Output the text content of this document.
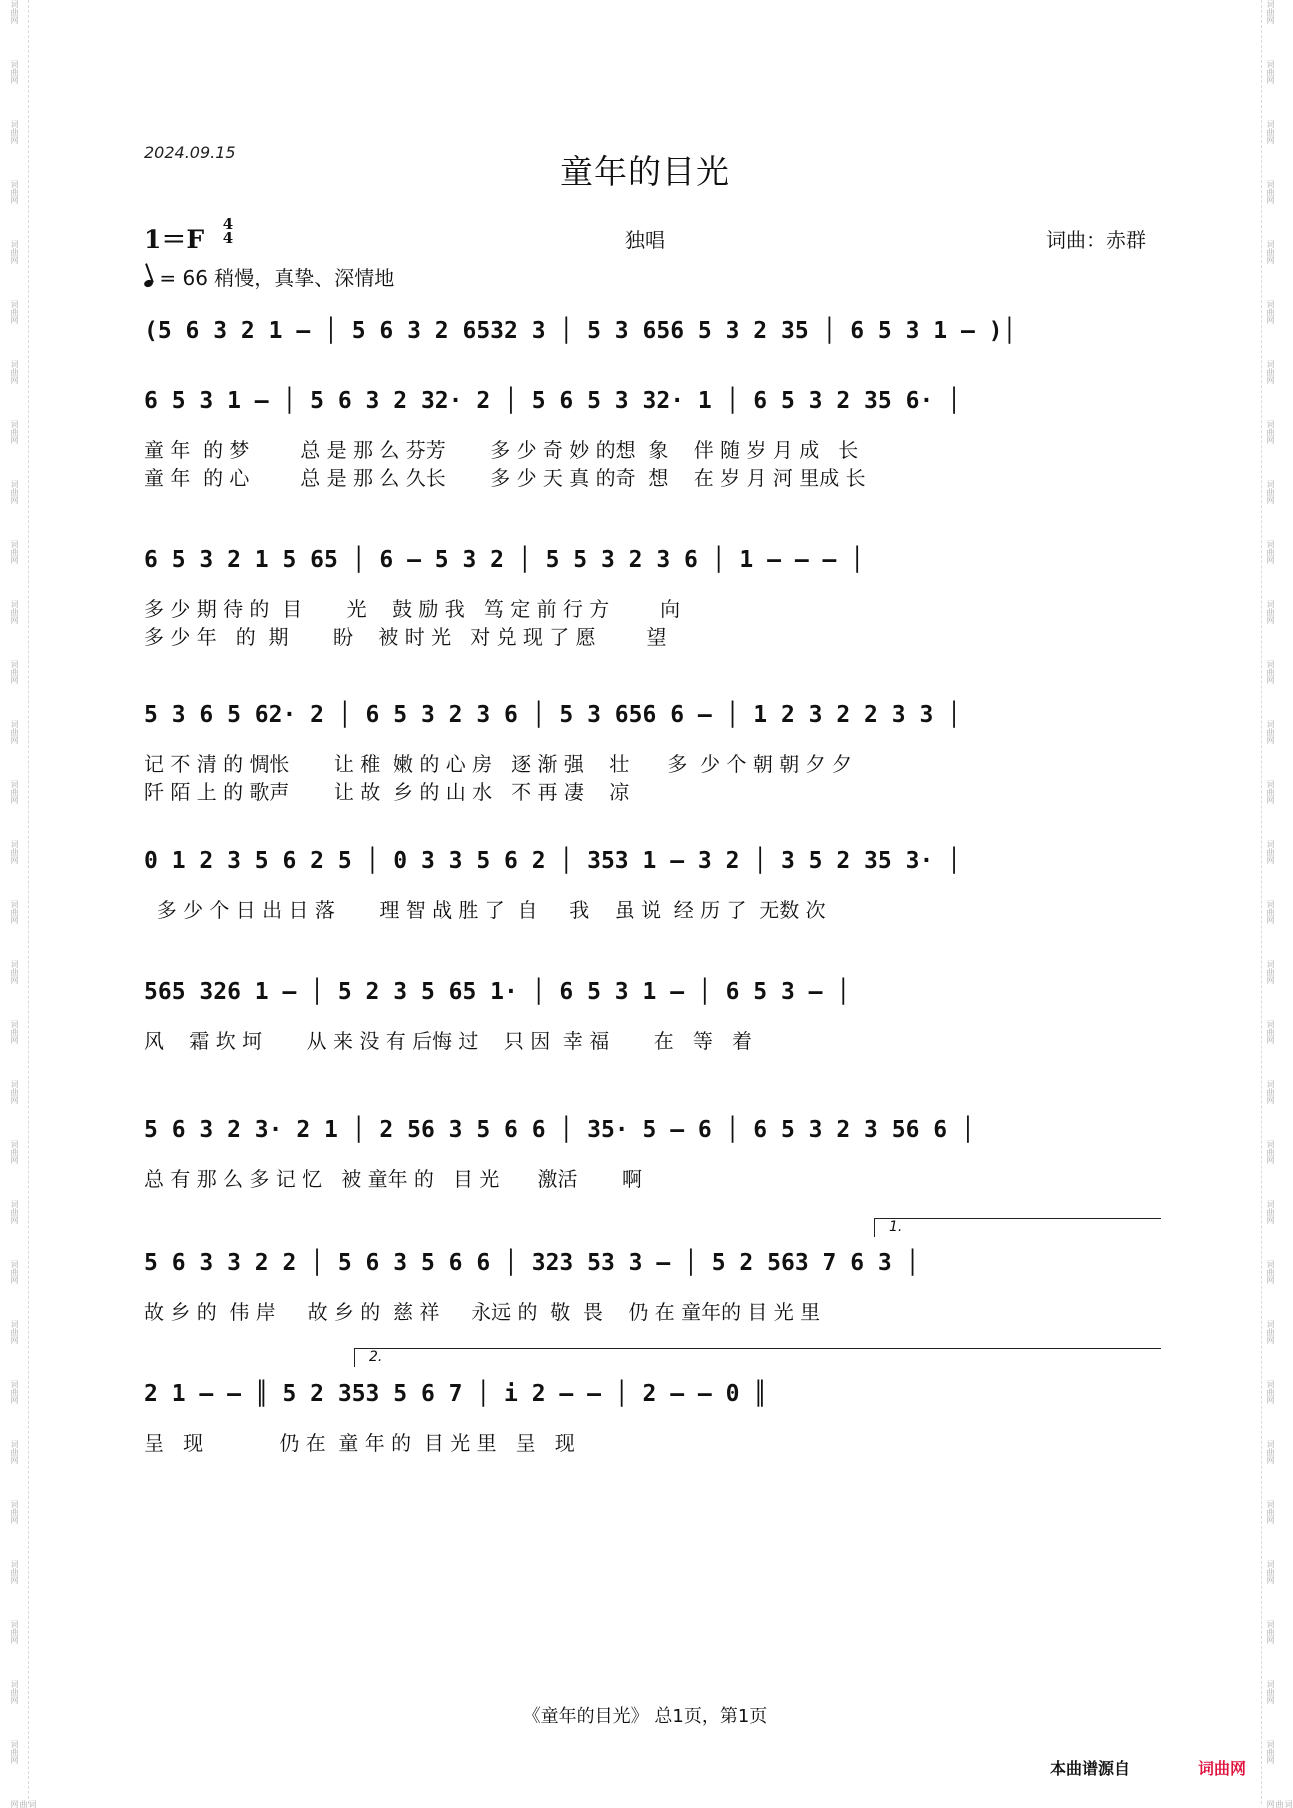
词曲网
词曲网
词曲网
词曲网
词曲网
词曲网
词曲网
词曲网
词曲网
词曲网
词曲网
词曲网
词曲网
词曲网
词曲网
词曲网
词曲网
词曲网
词曲网
词曲网
词曲网
词曲网
词曲网
词曲网
词曲网
词曲网
词曲网
词曲网
词曲网
词曲网
词曲网
词曲网
词曲网
词曲网
词曲网
词曲网
词曲网
词曲网
词曲网
词曲网
词曲网
词曲网
词曲网
词曲网
词曲网
词曲网
词曲网
词曲网
词曲网
词曲网
词曲网
词曲网
词曲网
词曲网
词曲网
词曲网
词曲网
词曲网
词曲网
词曲网
词曲网
词曲网
2024.09.15	童年的目光
1＝F
4
4	独唱	词曲：赤群
= 66 稍慢，真挚、深情地
(5 6 3 2 1 – │ 5 6 3 2 6532 3 │ 5 3 656 5 3 2 35 │ 6 5 3 1 – )│
6 5 3 1 – │ 5 6 3 2 32· 2 │ 5 6 5 3 32· 1 │ 6 5 3 2 35 6· │
童 年  的 梦        总 是 那 么 芬芳       多 少 奇 妙 的想  象    伴 随 岁 月 成   长
童 年  的 心        总 是 那 么 久长       多 少 天 真 的奇  想    在 岁 月 河 里成 长
6 5 3 2 1 5 65 │ 6 – 5 3 2 │ 5 5 3 2 3 6 │ 1 – – – │
多 少 期 待 的  目       光    鼓 励 我   笃 定 前 行 方        向
多 少 年   的  期       盼    被 时 光   对 兑 现 了 愿        望
5 3 6 5 62· 2 │ 6 5 3 2 3 6 │ 5 3 656 6 – │ 1 2 3 2 2 3 3 │
记 不 清 的 惆怅       让 稚  嫩 的 心 房   逐 渐 强    壮      多  少 个 朝 朝 夕 夕
阡 陌 上 的 歌声       让 故  乡 的 山 水   不 再 凄    凉
0 1 2 3 5 6 2 5 │ 0 3 3 5 6 2 │ 353 1 – 3 2 │ 3 5 2 35 3· │
多 少 个 日 出 日 落       理 智 战 胜 了  自     我    虽 说  经 历 了  无数 次
565 326 1 – │ 5 2 3 5 65 1· │ 6 5 3 1 – │ 6 5 3 – │
风    霜 坎 坷       从 来 没 有 后悔 过    只 因  幸 福       在   等   着
5 6 3 2 3· 2 1 │ 2 56 3 5 6 6 │ 35· 5 – 6 │ 6 5 3 2 3 56 6 │
总 有 那 么 多 记 忆   被 童年 的   目 光      激活       啊
5 6 3 3 2 2 │ 5 6 3 5 6 6 │ 323 53 3 – │ 5 2 563 7 6 3 │
故 乡 的  伟 岸     故 乡 的  慈 祥     永远 的  敬  畏    仍 在 童年的 目 光 里
2 1 – – ║ 5 2 353 5 6 7 │ i 2 – – │ 2 – – 0 ║
呈   现            仍 在  童 年 的  目 光 里   呈   现
《童年的目光》 总1页，第1页
本曲谱源自	词曲网
1.
2.
